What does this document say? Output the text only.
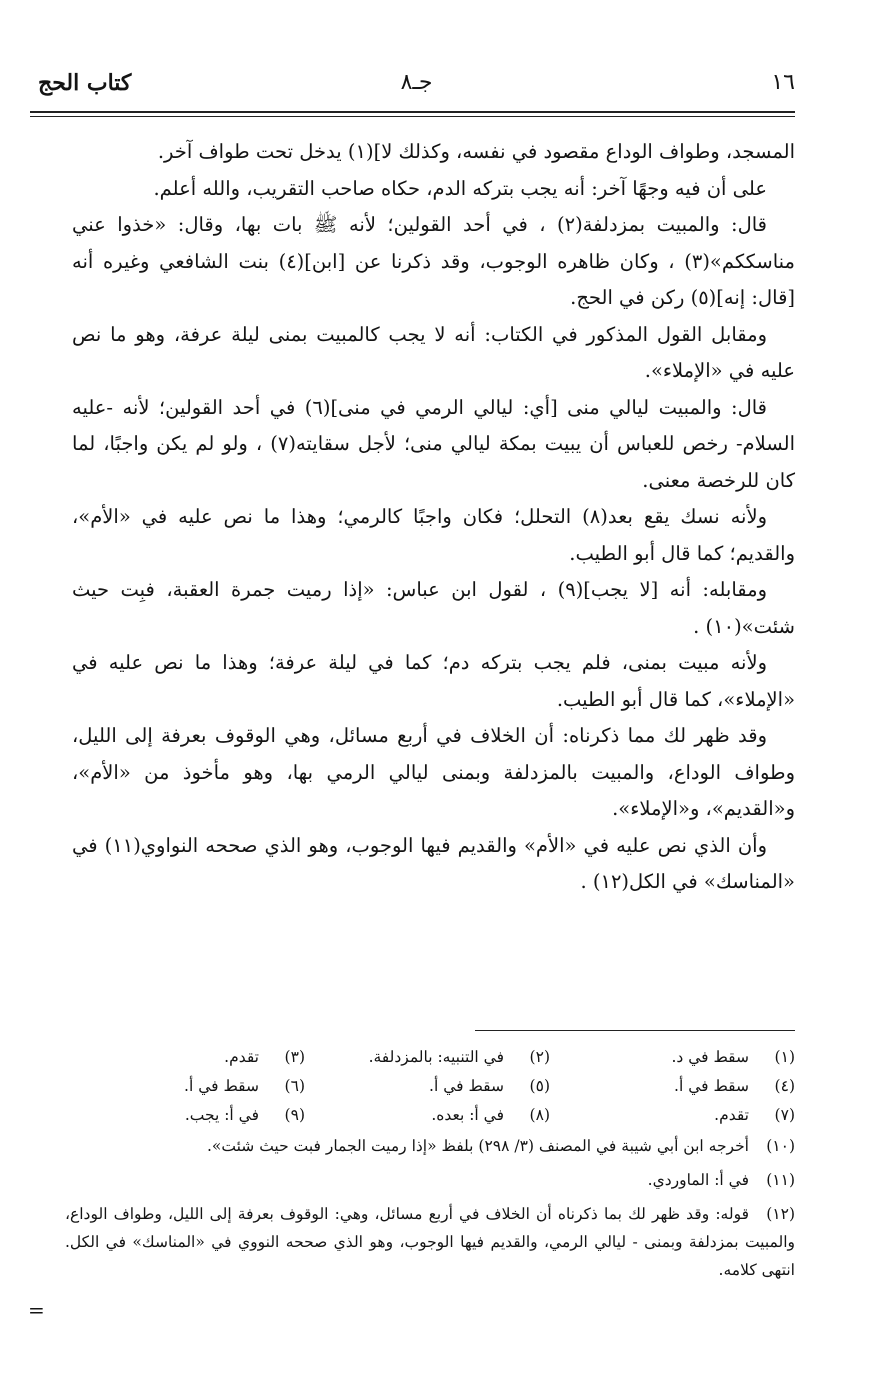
١٦
جـ٨
كتاب الحج

المسجد، وطواف الوداع مقصود في نفسه، وكذلك لا](١) يدخل تحت طواف آخر.

على أن فيه وجهًا آخر: أنه يجب بتركه الدم، حكاه صاحب التقريب، والله أعلم.

قال: والمبيت بمزدلفة(٢) ، في أحد القولين؛ لأنه ﷺ بات بها، وقال: «خذوا عني مناسككم»(٣) ، وكان ظاهره الوجوب، وقد ذكرنا عن [ابن](٤) بنت الشافعي وغيره أنه [قال: إنه](٥) ركن في الحج.

ومقابل القول المذكور في الكتاب: أنه لا يجب كالمبيت بمنى ليلة عرفة، وهو ما نص عليه في «الإملاء».

قال: والمبيت ليالي منى [أي: ليالي الرمي في منى](٦) في أحد القولين؛ لأنه -عليه السلام- رخص للعباس أن يبيت بمكة ليالي منى؛ لأجل سقايته(٧) ، ولو لم يكن واجبًا، لما كان للرخصة معنى.

ولأنه نسك يقع بعد(٨) التحلل؛ فكان واجبًا كالرمي؛ وهذا ما نص عليه في «الأم»، والقديم؛ كما قال أبو الطيب.

ومقابله: أنه [لا يجب](٩) ، لقول ابن عباس: «إذا رميت جمرة العقبة، فبِت حيث شئت»(١٠) .

ولأنه مبيت بمنى، فلم يجب بتركه دم؛ كما في ليلة عرفة؛ وهذا ما نص عليه في «الإملاء»، كما قال أبو الطيب.

وقد ظهر لك مما ذكرناه: أن الخلاف في أربع مسائل، وهي الوقوف بعرفة إلى الليل، وطواف الوداع، والمبيت بالمزدلفة وبمنى ليالي الرمي بها، وهو مأخوذ من «الأم»، و«القديم»، و«الإملاء».

وأن الذي نص عليه في «الأم» والقديم فيها الوجوب، وهو الذي صححه النواوي(١١) في «المناسك» في الكل(١٢) .

(١)سقط في د.
(٢)في التنبيه: بالمزدلفة.
(٣)تقدم.
(٤)سقط في أ.
(٥)سقط في أ.
(٦)سقط في أ.
(٧)تقدم.
(٨)في أ: بعده.
(٩)في أ: يجب.
(١٠)أخرجه ابن أبي شيبة في المصنف (٣/ ٢٩٨) بلفظ «إذا رميت الجمار فبت حيث شئت».
(١١)في أ: الماوردي.
(١٢)قوله: وقد ظهر لك بما ذكرناه أن الخلاف في أربع مسائل، وهي: الوقوف بعرفة إلى الليل، وطواف الوداع، والمبيت بمزدلفة وبمنى - ليالي الرمي، والقديم فيها الوجوب، وهو الذي صححه النووي في «المناسك» في الكل. انتهى كلامه.
=
